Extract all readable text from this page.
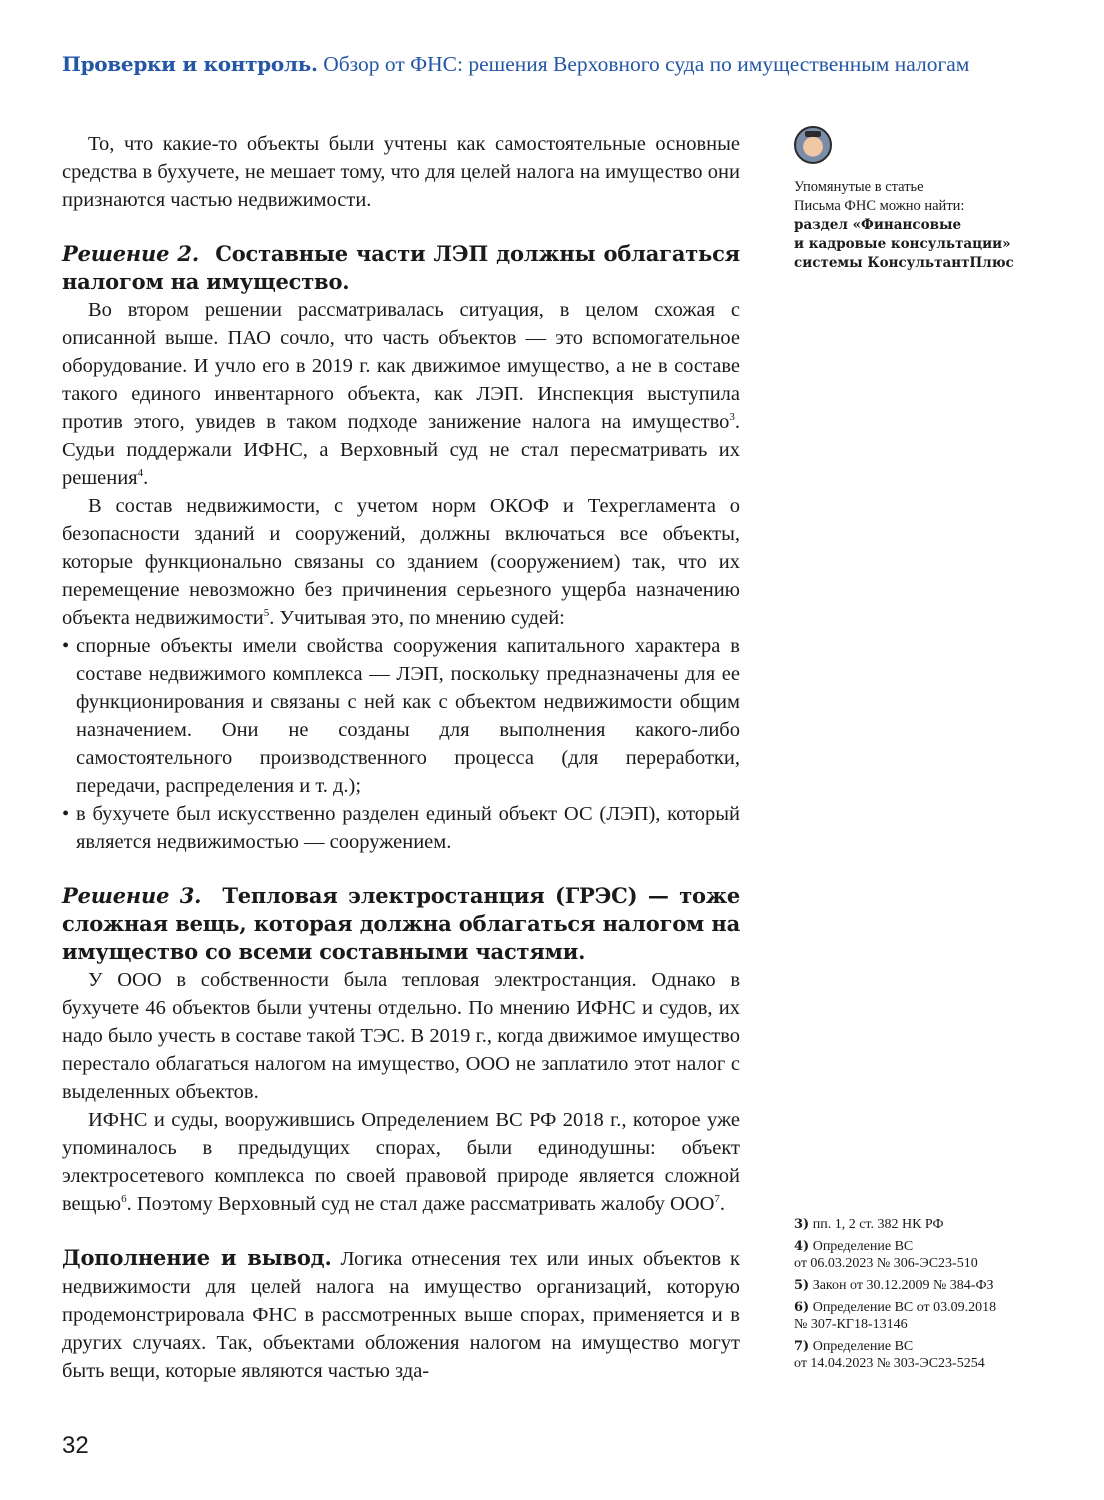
Проверки и контроль. Обзор от ФНС: решения Верховного суда по имущественным налогам

То, что какие-то объекты были учтены как самостоятельные основные средства в бухучете, не мешает тому, что для целей налога на имущество они признаются частью недвижимости.

Решение 2. Составные части ЛЭП должны облагаться налогом на имущество.

Во втором решении рассматривалась ситуация, в целом схожая с описанной выше. ПАО сочло, что часть объектов — это вспомогательное оборудование. И учло его в 2019 г. как движимое имущество, а не в составе такого единого инвентарного объекта, как ЛЭП. Инспекция выступила против этого, увидев в таком подходе занижение налога на имущество$^3$. Судьи поддержали ИФНС, а Верховный суд не стал пересматривать их решения$^4$.

В состав недвижимости, с учетом норм ОКОФ и Техрегламента о безопасности зданий и сооружений, должны включаться все объекты, которые функционально связаны со зданием (сооружением) так, что их перемещение невозможно без причинения серьезного ущерба назначению объекта недвижимости$^5$. Учитывая это, по мнению судей:

• спорные объекты имели свойства сооружения капитального характера в составе недвижимого комплекса — ЛЭП, поскольку предназначены для ее функционирования и связаны с ней как с объектом недвижимости общим назначением. Они не созданы для выполнения какого-либо самостоятельного производственного процесса (для переработки, передачи, распределения и т. д.);
• в бухучете был искусственно разделен единый объект ОС (ЛЭП), который является недвижимостью — сооружением.

Решение 3. Тепловая электростанция (ГРЭС) — тоже сложная вещь, которая должна облагаться налогом на имущество со всеми составными частями.

У ООО в собственности была тепловая электростанция. Однако в бухучете 46 объектов были учтены отдельно. По мнению ИФНС и судов, их надо было учесть в составе такой ТЭС. В 2019 г., когда движимое имущество перестало облагаться налогом на имущество, ООО не заплатило этот налог с выделенных объектов.

ИФНС и суды, вооружившись Определением ВС РФ 2018 г., которое уже упоминалось в предыдущих спорах, были единодушны: объект электросетевого комплекса по своей правовой природе является сложной вещью$^6$. Поэтому Верховный суд не стал даже рассматривать жалобу ООО$^7$.

Дополнение и вывод. Логика отнесения тех или иных объектов к недвижимости для целей налога на имущество организаций, которую продемонстрировала ФНС в рассмотренных выше спорах, применяется и в других случаях. Так, объектами обложения налогом на имущество могут быть вещи, которые являются частью зда-

Упомянутые в статье
Письма ФНС можно найти:
раздел «Финансовые
и кадровые консультации»
системы КонсультантПлюс
3) пп. 1, 2 ст. 382 НК РФ
4) Определение ВС
от 06.03.2023 № 306-ЭС23-510
5) Закон от 30.12.2009 № 384-ФЗ
6) Определение ВС от 03.09.2018
№ 307-КГ18-13146
7) Определение ВС
от 14.04.2023 № 303-ЭС23-5254
32
